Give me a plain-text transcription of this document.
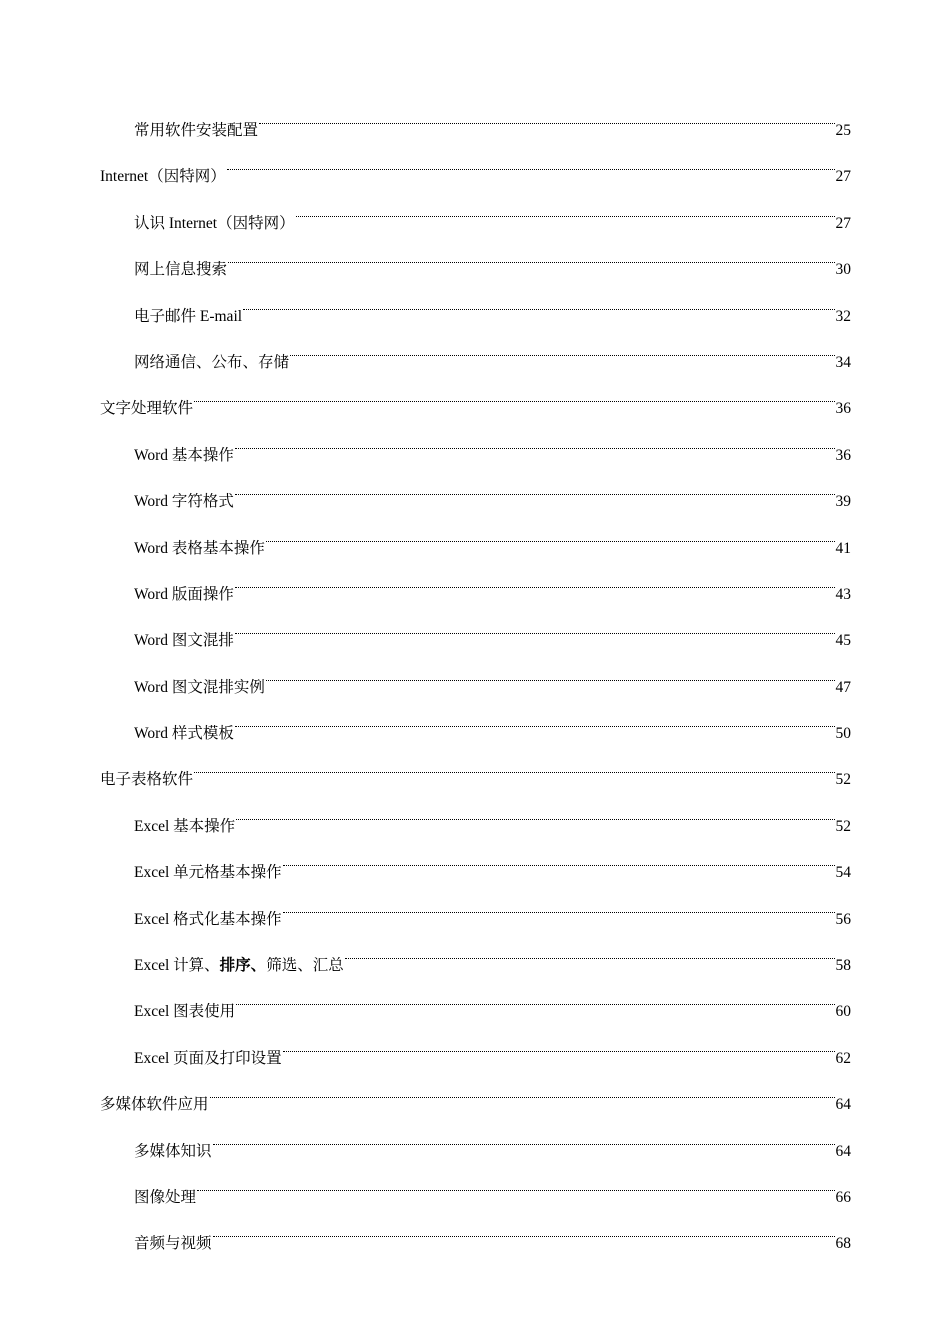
常用软件安装配置	25
Internet（因特网）	27
认识 Internet（因特网）	27
网上信息搜索	30
电子邮件 E-mail	32
网络通信、公布、存储	34
文字处理软件	36
Word 基本操作	36
Word 字符格式	39
Word 表格基本操作	41
Word 版面操作	43
Word 图文混排	45
Word 图文混排实例	47
Word 样式模板	50
电子表格软件	52
Excel 基本操作	52
Excel 单元格基本操作	54
Excel 格式化基本操作	56
Excel 计算、排序、筛选、汇总	58
Excel 图表使用	60
Excel 页面及打印设置	62
多媒体软件应用	64
多媒体知识	64
图像处理	66
音频与视频	68
